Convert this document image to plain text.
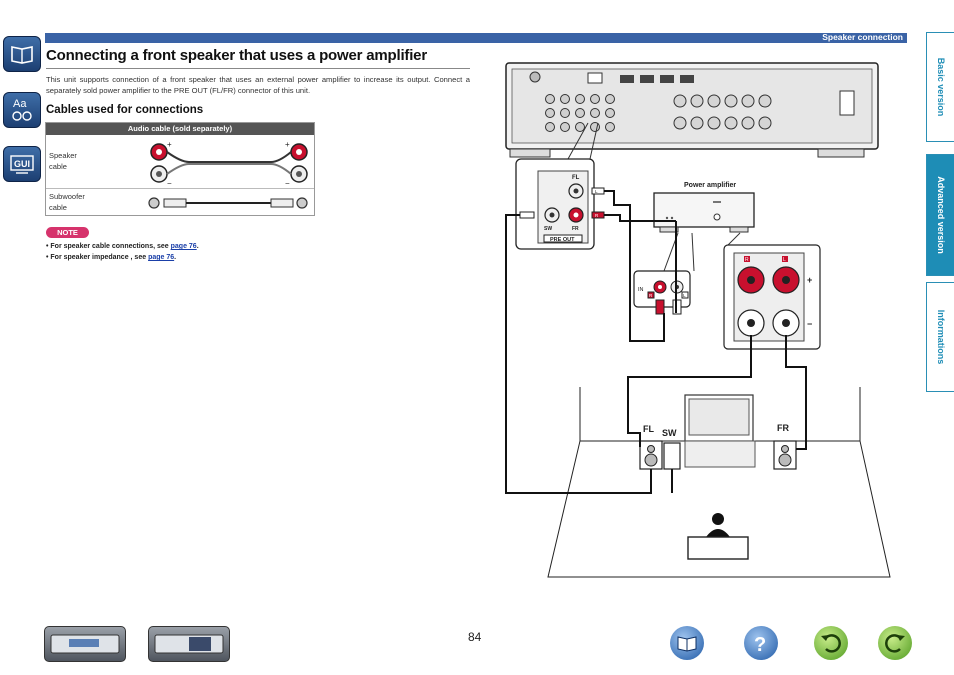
Aa
GUI
Speaker connection
Basic version
Advanced version
Informations
Connecting a front speaker that uses a power amplifier
This unit supports connection of a front speaker that uses an external power amplifier to increase its output. Connect a separately sold power amplifier to the PRE OUT (FL/FR) connector of this unit.
Cables used for connections
Audio cable (sold separately)
Speaker
cable
+	+
−	−
Subwoofer
cable
NOTE
• For speaker cable connections, see page 76.
• For speaker impedance , see page 76.
FL
SW	FR
PRE OUT
L
R
Power amplifier
IN
R	L
R	L
+
−
FL SW	FR
84	?
